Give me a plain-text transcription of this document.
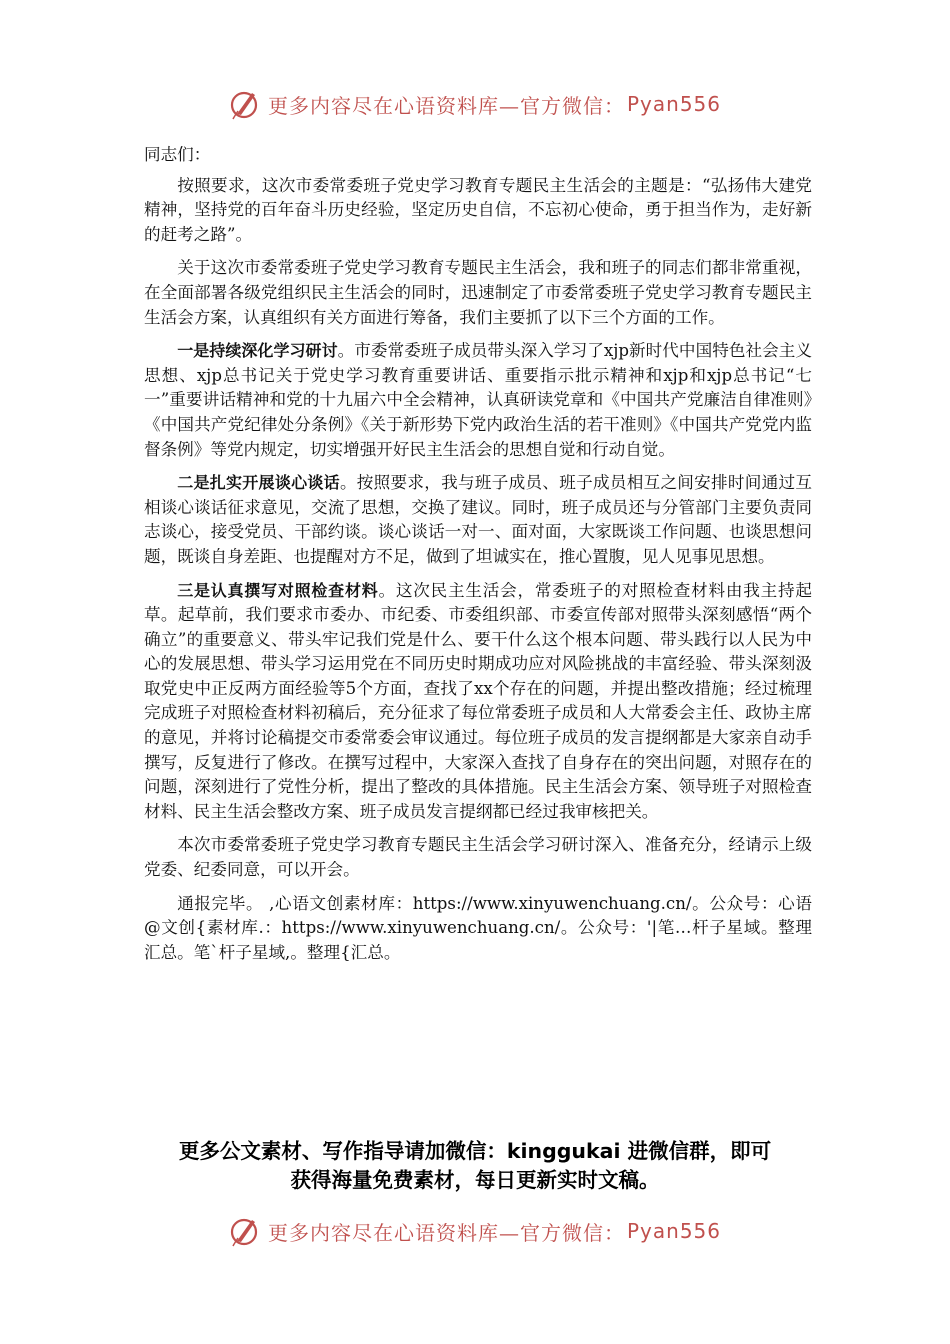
更多内容尽在心语资料库—官方微信： Pyan556

同志们：

按照要求，这次市委常委班子党史学习教育专题民主生活会的主题是：“弘扬伟大建党精神，坚持党的百年奋斗历史经验，坚定历史自信，不忘初心使命，勇于担当作为，走好新的赶考之路”。

关于这次市委常委班子党史学习教育专题民主生活会，我和班子的同志们都非常重视，在全面部署各级党组织民主生活会的同时，迅速制定了市委常委班子党史学习教育专题民主生活会方案，认真组织有关方面进行筹备，我们主要抓了以下三个方面的工作。

一是持续深化学习研讨。市委常委班子成员带头深入学习了xjp新时代中国特色社会主义思想、xjp总书记关于党史学习教育重要讲话、重要指示批示精神和xjp和xjp总书记“七一”重要讲话精神和党的十九届六中全会精神，认真研读党章和《中国共产党廉洁自律准则》《中国共产党纪律处分条例》《关于新形势下党内政治生活的若干准则》《中国共产党党内监督条例》等党内规定，切实增强开好民主生活会的思想自觉和行动自觉。

二是扎实开展谈心谈话。按照要求，我与班子成员、班子成员相互之间安排时间通过互相谈心谈话征求意见，交流了思想，交换了建议。同时，班子成员还与分管部门主要负责同志谈心，接受党员、干部约谈。谈心谈话一对一、面对面，大家既谈工作问题、也谈思想问题，既谈自身差距、也提醒对方不足，做到了坦诚实在，推心置腹，见人见事见思想。

三是认真撰写对照检查材料。这次民主生活会，常委班子的对照检查材料由我主持起草。起草前，我们要求市委办、市纪委、市委组织部、市委宣传部对照带头深刻感悟“两个确立”的重要意义、带头牢记我们党是什么、要干什么这个根本问题、带头践行以人民为中心的发展思想、带头学习运用党在不同历史时期成功应对风险挑战的丰富经验、带头深刻汲取党史中正反两方面经验等5个方面，查找了xx个存在的问题，并提出整改措施；经过梳理完成班子对照检查材料初稿后，充分征求了每位常委班子成员和人大常委会主任、政协主席的意见，并将讨论稿提交市委常委会审议通过。每位班子成员的发言提纲都是大家亲自动手撰写，反复进行了修改。在撰写过程中，大家深入查找了自身存在的突出问题，对照存在的问题，深刻进行了党性分析，提出了整改的具体措施。民主生活会方案、领导班子对照检查材料、民主生活会整改方案、班子成员发言提纲都已经过我审核把关。

本次市委常委班子党史学习教育专题民主生活会学习研讨深入、准备充分，经请示上级党委、纪委同意，可以开会。

通报完毕。 ,心语文创素材库：https://www.xinyuwenchuang.cn/。公众号：心语@文创{素材库.：https://www.xinyuwenchuang.cn/。公众号：'|笔…杆子星域。整理汇总。笔`杆子星域,。整理{汇总。

更多公文素材、写作指导请加微信：kinggukai 进微信群，即可
获得海量免费素材，每日更新实时文稿。
更多内容尽在心语资料库—官方微信： Pyan556
